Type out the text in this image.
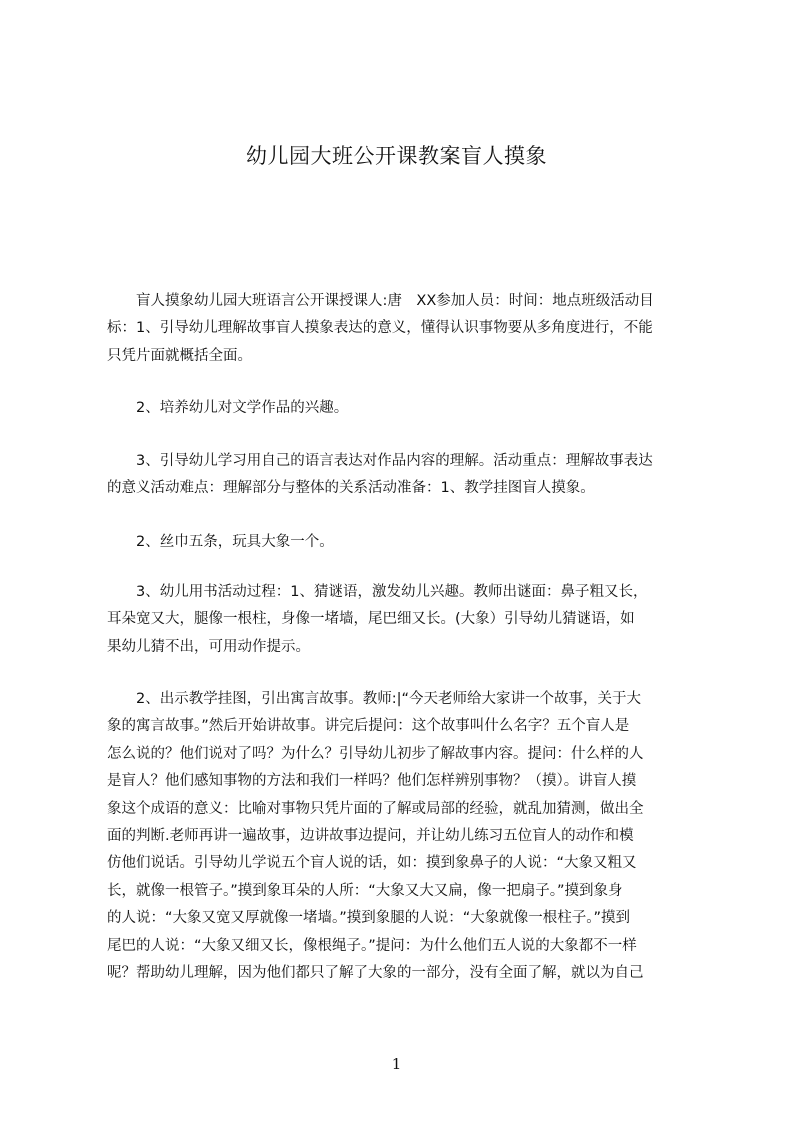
幼儿园大班公开课教案盲人摸象
　　盲人摸象幼儿园大班语言公开课授课人:唐　XX参加人员：时间：地点班级活动目
标：1、引导幼儿理解故事盲人摸象表达的意义，懂得认识事物要从多角度进行，不能
只凭片面就概括全面。
　　2、培养幼儿对文学作品的兴趣。
　　3、引导幼儿学习用自己的语言表达对作品内容的理解。活动重点：理解故事表达
的意义活动难点：理解部分与整体的关系活动准备：1、教学挂图盲人摸象。
　　2、丝巾五条，玩具大象一个。
　　3、幼儿用书活动过程：1、猜谜语，激发幼儿兴趣。教师出谜面：鼻子粗又长，
耳朵宽又大，腿像一根柱，身像一堵墙，尾巴细又长。(大象）引导幼儿猜谜语，如
果幼儿猜不出，可用动作提示。
　　2、出示教学挂图，引出寓言故事。教师:|“今天老师给大家讲一个故事，关于大
象的寓言故事。”然后开始讲故事。讲完后提问：这个故事叫什么名字？五个盲人是
怎么说的？他们说对了吗？为什么？引导幼儿初步了解故事内容。提问：什么样的人
是盲人？他们感知事物的方法和我们一样吗？他们怎样辨别事物？（摸）。讲盲人摸
象这个成语的意义：比喻对事物只凭片面的了解或局部的经验，就乱加猜测，做出全
面的判断.老师再讲一遍故事，边讲故事边提问，并让幼儿练习五位盲人的动作和模
仿他们说话。引导幼儿学说五个盲人说的话，如：摸到象鼻子的人说：“大象又粗又
长，就像一根管子。”摸到象耳朵的人所：“大象又大又扁，像一把扇子。”摸到象身
的人说：“大象又宽又厚就像一堵墙。”摸到象腿的人说：“大象就像一根柱子。”摸到
尾巴的人说：“大象又细又长，像根绳子。”提问：为什么他们五人说的大象都不一样
呢？帮助幼儿理解，因为他们都只了解了大象的一部分，没有全面了解，就以为自己
1
